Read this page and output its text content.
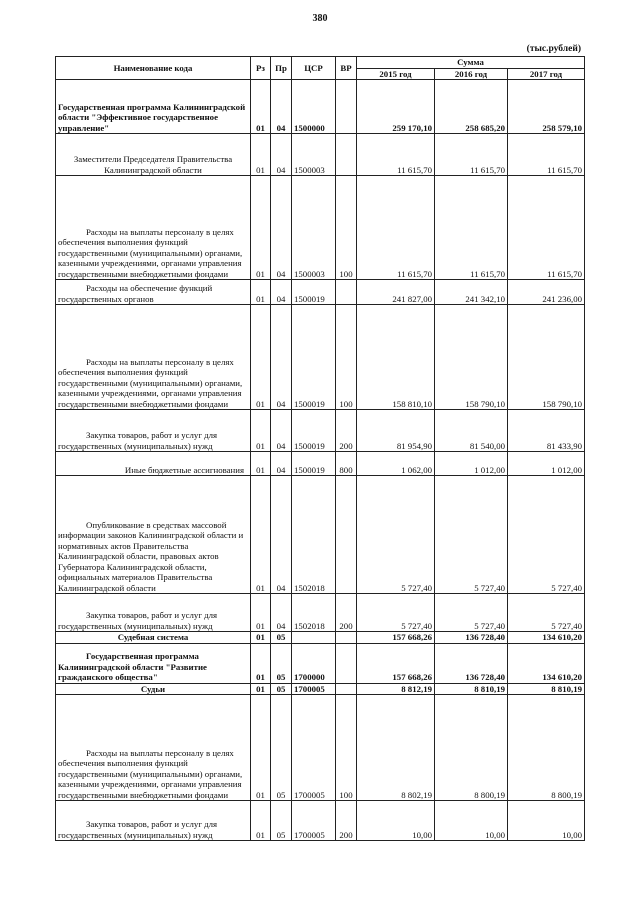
380
(тыс.рублей)
Наименование кода	Рз	Пр	ЦСР	ВР	Сумма		
					2015 год	2016 год	2017 год
Государственная программа Калининградской области "Эффективное государственное управление"	01	04	1500000		259 170,10	258 685,20	258 579,10
Заместители Председателя Правительства Калининградской области	01	04	1500003		11 615,70	11 615,70	11 615,70
Расходы на выплаты персоналу в целях обеспечения выполнения функций государственными (муниципальными) органами, казенными учреждениями, органами управления государственными внебюджетными фондами	01	04	1500003	100	11 615,70	11 615,70	11 615,70
Расходы на обеспечение функций государственных органов	01	04	1500019		241 827,00	241 342,10	241 236,00
Расходы на выплаты персоналу в целях обеспечения выполнения функций государственными (муниципальными) органами, казенными учреждениями, органами управления государственными внебюджетными фондами	01	04	1500019	100	158 810,10	158 790,10	158 790,10
Закупка товаров, работ и услуг для государственных (муниципальных) нужд	01	04	1500019	200	81 954,90	81 540,00	81 433,90
Иные бюджетные ассигнования	01	04	1500019	800	1 062,00	1 012,00	1 012,00
Опубликование в средствах массовой информации законов Калининградской области и нормативных актов Правительства Калининградской области, правовых актов Губернатора Калининградской области, официальных материалов Правительства Калининградской области	01	04	1502018		5 727,40	5 727,40	5 727,40
Закупка товаров, работ и услуг для государственных (муниципальных) нужд	01	04	1502018	200	5 727,40	5 727,40	5 727,40
Судебная система	01	05			157 668,26	136 728,40	134 610,20
Государственная программа Калининградской области "Развитие гражданского общества"	01	05	1700000		157 668,26	136 728,40	134 610,20
Судьи	01	05	1700005		8 812,19	8 810,19	8 810,19
Расходы на выплаты персоналу в целях обеспечения выполнения функций государственными (муниципальными) органами, казенными учреждениями, органами управления государственными внебюджетными фондами	01	05	1700005	100	8 802,19	8 800,19	8 800,19
Закупка товаров, работ и услуг для государственных (муниципальных) нужд	01	05	1700005	200	10,00	10,00	10,00
